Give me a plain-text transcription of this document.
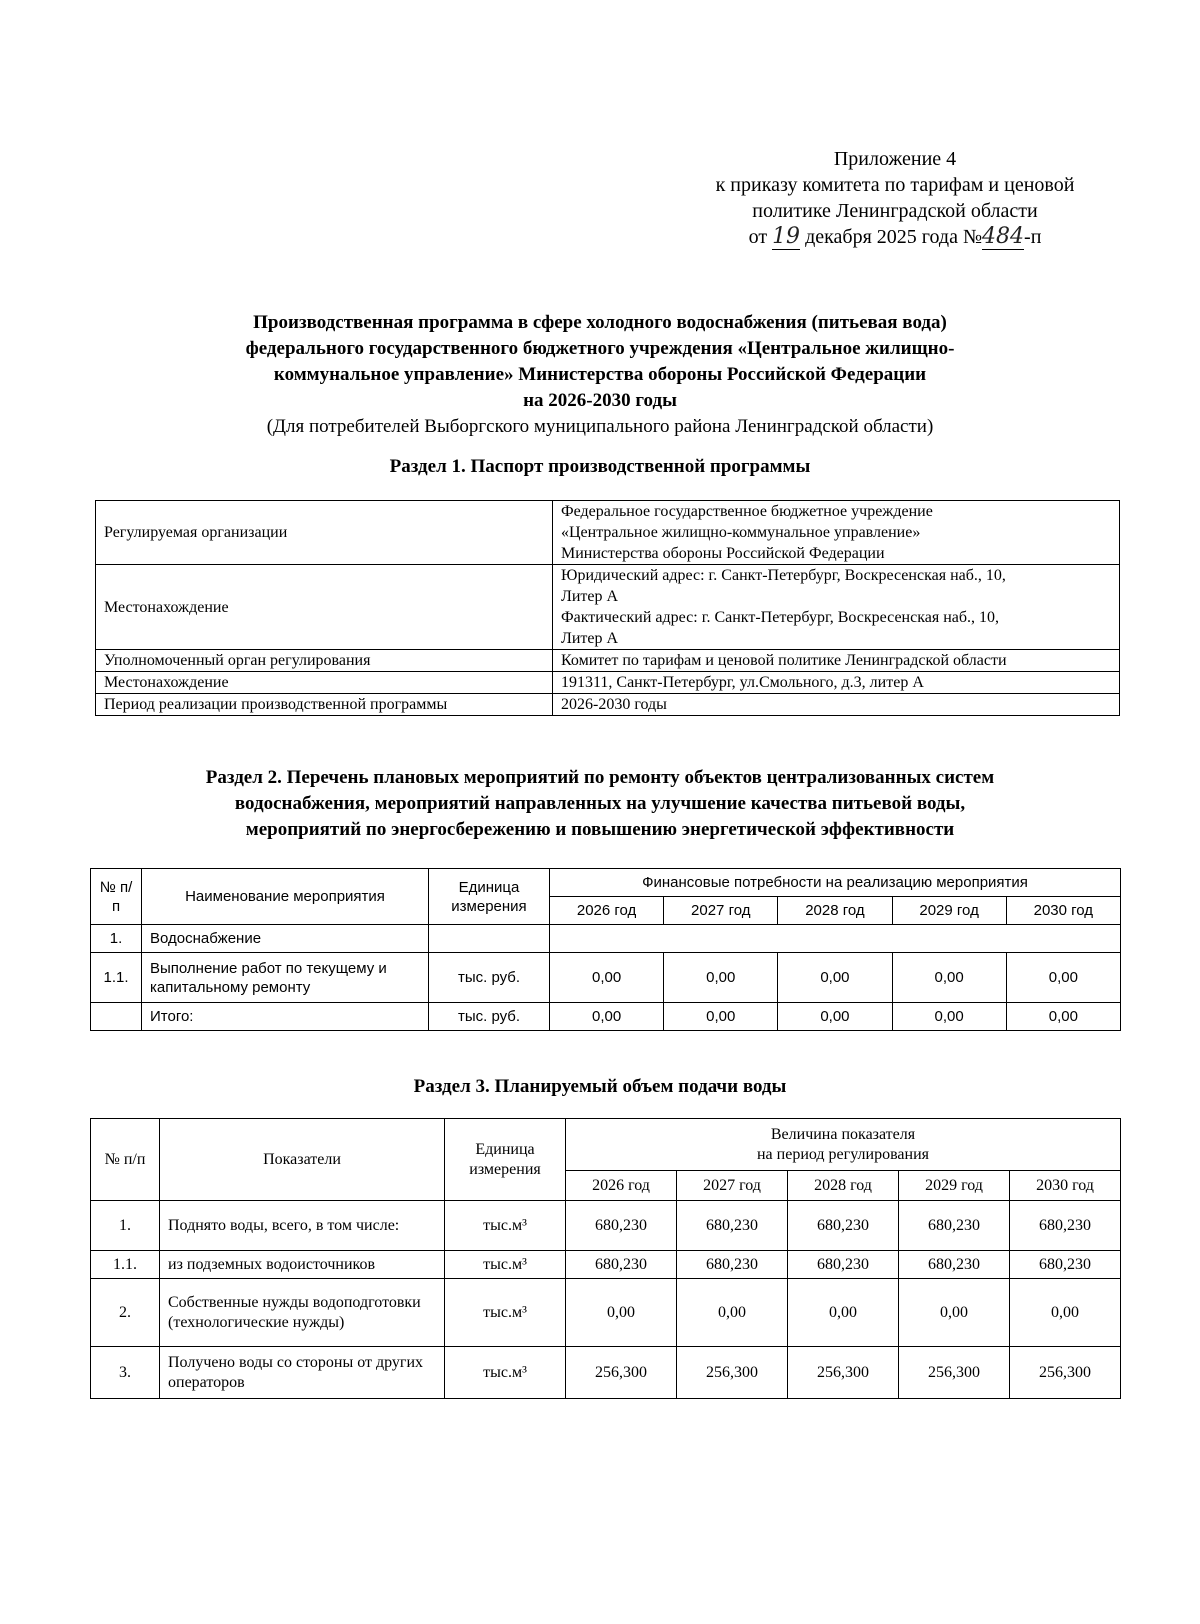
Приложение 4
к приказу комитета по тарифам и ценовой
политике Ленинградской области
от 19 декабря 2025 года №484-п
Производственная программа в сфере холодного водоснабжения (питьевая вода)
федерального государственного бюджетного учреждения «Центральное жилищно-
коммунальное управление» Министерства обороны Российской Федерации
на 2026-2030 годы
(Для потребителей Выборгского муниципального района Ленинградской области)
Раздел 1. Паспорт производственной программы
Регулируемая организации	Федеральное государственное бюджетное учреждение
«Центральное жилищно-коммунальное управление»
Министерства обороны Российской Федерации

Местонахождение	Юридический адрес: г. Санкт-Петербург, Воскресенская наб., 10,
Литер А
Фактический адрес: г. Санкт-Петербург, Воскресенская наб., 10,
Литер А

Уполномоченный орган регулирования	Комитет по тарифам и ценовой политике Ленинградской области

Местонахождение	191311, Санкт-Петербург, ул.Смольного, д.3, литер А

Период реализации производственной программы	2026-2030 годы
Раздел 2. Перечень плановых мероприятий по ремонту объектов централизованных систем
водоснабжения, мероприятий направленных на улучшение качества питьевой воды,
мероприятий по энергосбережению и повышению энергетической эффективности
№ п/п	Наименование мероприятия	Единица измерения	Финансовые потребности на реализацию мероприятия				
			2026 год	2027 год	2028 год	2029 год	2030 год
1.	Водоснабжение						
1.1.	Выполнение работ по текущему и капитальному ремонту	тыс. руб.	0,00	0,00	0,00	0,00	0,00
	Итого:	тыс. руб.	0,00	0,00	0,00	0,00	0,00
Раздел 3. Планируемый объем подачи воды
№ п/п	Показатели	Единица измерения	Величина показателя
на период регулирования				

			2026 год	2027 год	2028 год	2029 год	2030 год
1.	Поднято воды, всего, в том числе:	тыс.м³	680,230	680,230	680,230	680,230	680,230
1.1.	из подземных водоисточников	тыс.м³	680,230	680,230	680,230	680,230	680,230
2.	Собственные нужды водоподготовки (технологические нужды)	тыс.м³	0,00	0,00	0,00	0,00	0,00
3.	Получено воды со стороны от других операторов	тыс.м³	256,300	256,300	256,300	256,300	256,300
